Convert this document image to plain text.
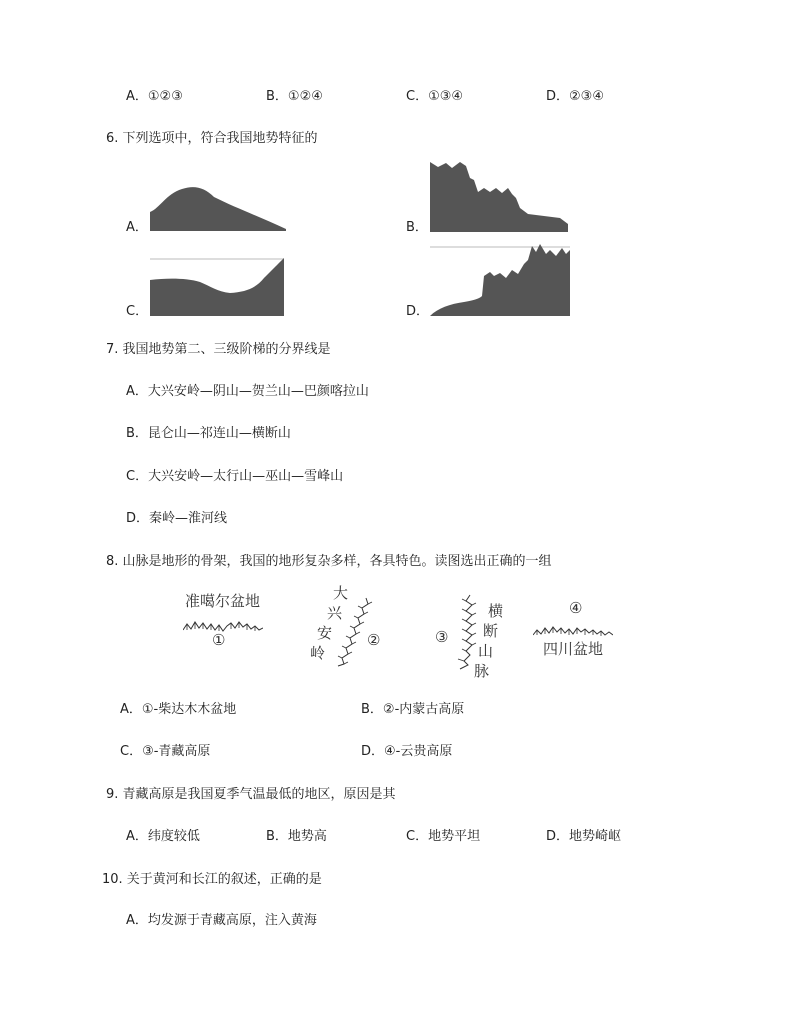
A．①②③	B．①②④	C．①③④	D．②③④
6. 下列选项中，符合我国地势特征的
A．	B．
C．	D．
7. 我国地势第二、三级阶梯的分界线是
A．大兴安岭—阴山—贺兰山—巴颜喀拉山
B．昆仑山—祁连山—横断山
C．大兴安岭—太行山—巫山—雪峰山
D．秦岭—淮河线
8. 山脉是地形的骨架，我国的地形复杂多样，各具特色。读图选出正确的一组
准噶尔盆地
①
大
兴
安
岭
②	③
横
断
山
脉
④
四川盆地
A．①-柴达木木盆地	B．②-内蒙古高原
C．③-青藏高原	D．④-云贵高原
9. 青藏高原是我国夏季气温最低的地区，原因是其
A．纬度较低	B．地势高	C．地势平坦	D．地势崎岖
10. 关于黄河和长江的叙述，正确的是
A．均发源于青藏高原，注入黄海
